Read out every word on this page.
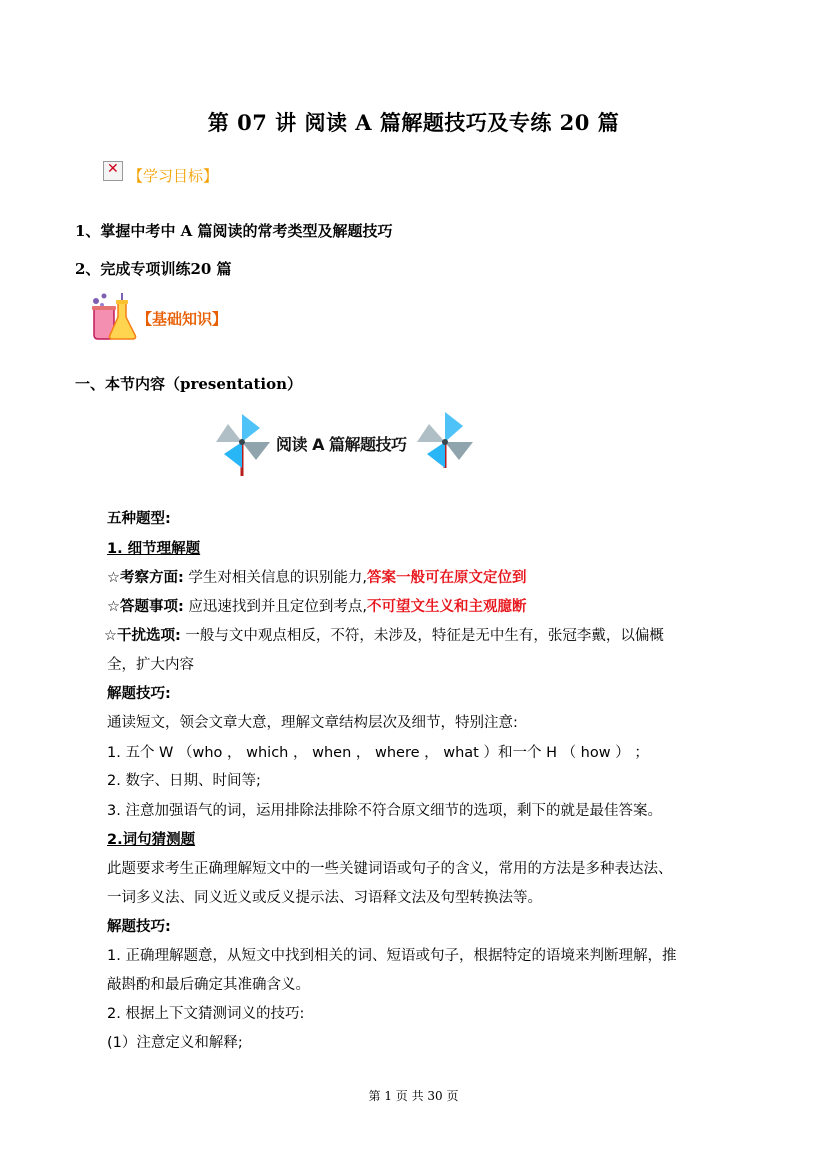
第 07 讲 阅读 A 篇解题技巧及专练 20 篇
✕
【学习目标】
1、掌握中考中 A 篇阅读的常考类型及解题技巧
2、完成专项训练20 篇
【基础知识】
一、本节内容（presentation）
阅读 A 篇解题技巧
五种题型:
1. 细节理解题
☆考察方面: 学生对相关信息的识别能力,答案一般可在原文定位到
☆答题事项: 应迅速找到并且定位到考点,不可望文生义和主观臆断
☆干扰选项: 一般与文中观点相反，不符，未涉及，特征是无中生有，张冠李戴，以偏概
全，扩大内容
解题技巧:
通读短文，领会文章大意，理解文章结构层次及细节，特别注意:
1. 五个 W （who ， which ， when ， where ， what ）和一个 H （ how ） ；
2. 数字、日期、时间等;
3. 注意加强语气的词，运用排除法排除不符合原文细节的选项，剩下的就是最佳答案。
2.词句猜测题
此题要求考生正确理解短文中的一些关键词语或句子的含义，常用的方法是多种表达法、
一词多义法、同义近义或反义提示法、习语释文法及句型转换法等。
解题技巧:
1. 正确理解题意，从短文中找到相关的词、短语或句子，根据特定的语境来判断理解，推
敲斟酌和最后确定其准确含义。
2. 根据上下文猜测词义的技巧:
(1）注意定义和解释;
第 1 页 共 30 页
